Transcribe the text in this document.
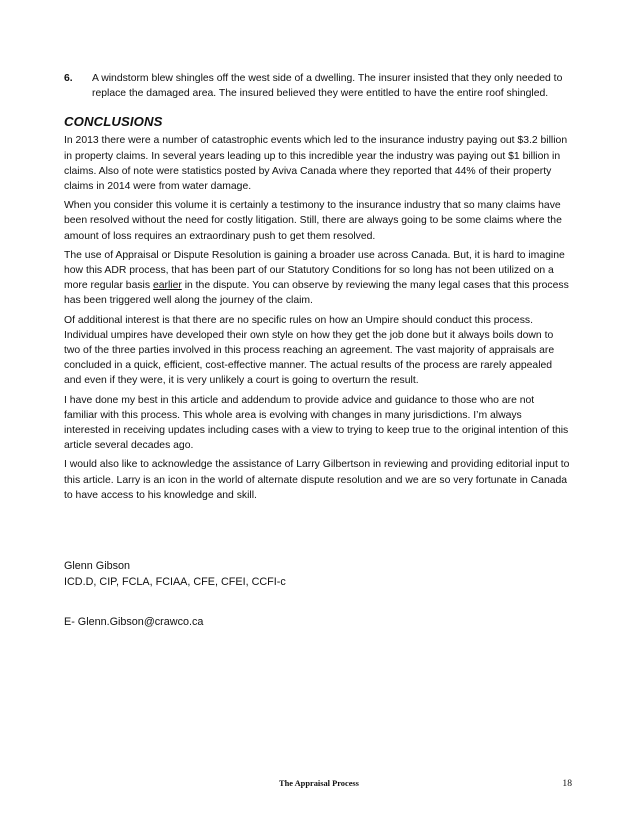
6.	A windstorm blew shingles off the west side of a dwelling. The insurer insisted that they only needed to replace the damaged area. The insured believed they were entitled to have the entire roof shingled.
CONCLUSIONS

In 2013 there were a number of catastrophic events which led to the insurance industry paying out $3.2 billion in property claims. In several years leading up to this incredible year the industry was paying out $1 billion in claims. Also of note were statistics posted by Aviva Canada where they reported that 44% of their property claims in 2014 were from water damage.

When you consider this volume it is certainly a testimony to the insurance industry that so many claims have been resolved without the need for costly litigation. Still, there are always going to be some claims where the amount of loss requires an extraordinary push to get them resolved.

The use of Appraisal or Dispute Resolution is gaining a broader use across Canada. But, it is hard to imagine how this ADR process, that has been part of our Statutory Conditions for so long has not been utilized on a more regular basis earlier in the dispute. You can observe by reviewing the many legal cases that this process has been triggered well along the journey of the claim.

Of additional interest is that there are no specific rules on how an Umpire should conduct this process. Individual umpires have developed their own style on how they get the job done but it always boils down to two of the three parties involved in this process reaching an agreement. The vast majority of appraisals are concluded in a quick, efficient, cost-effective manner. The actual results of the process are rarely appealed and even if they were, it is very unlikely a court is going to overturn the result.

I have done my best in this article and addendum to provide advice and guidance to those who are not familiar with this process. This whole area is evolving with changes in many jurisdictions. I’m always interested in receiving updates including cases with a view to trying to keep true to the original intention of this article several decades ago.

I would also like to acknowledge the assistance of Larry Gilbertson in reviewing and providing editorial input to this article. Larry is an icon in the world of alternate dispute resolution and we are so very fortunate in Canada to have access to his knowledge and skill.

Glenn Gibson
ICD.D, CIP, FCLA, FCIAA, CFE, CFEI, CCFI-c
E- Glenn.Gibson@crawco.ca
The Appraisal Process	18
